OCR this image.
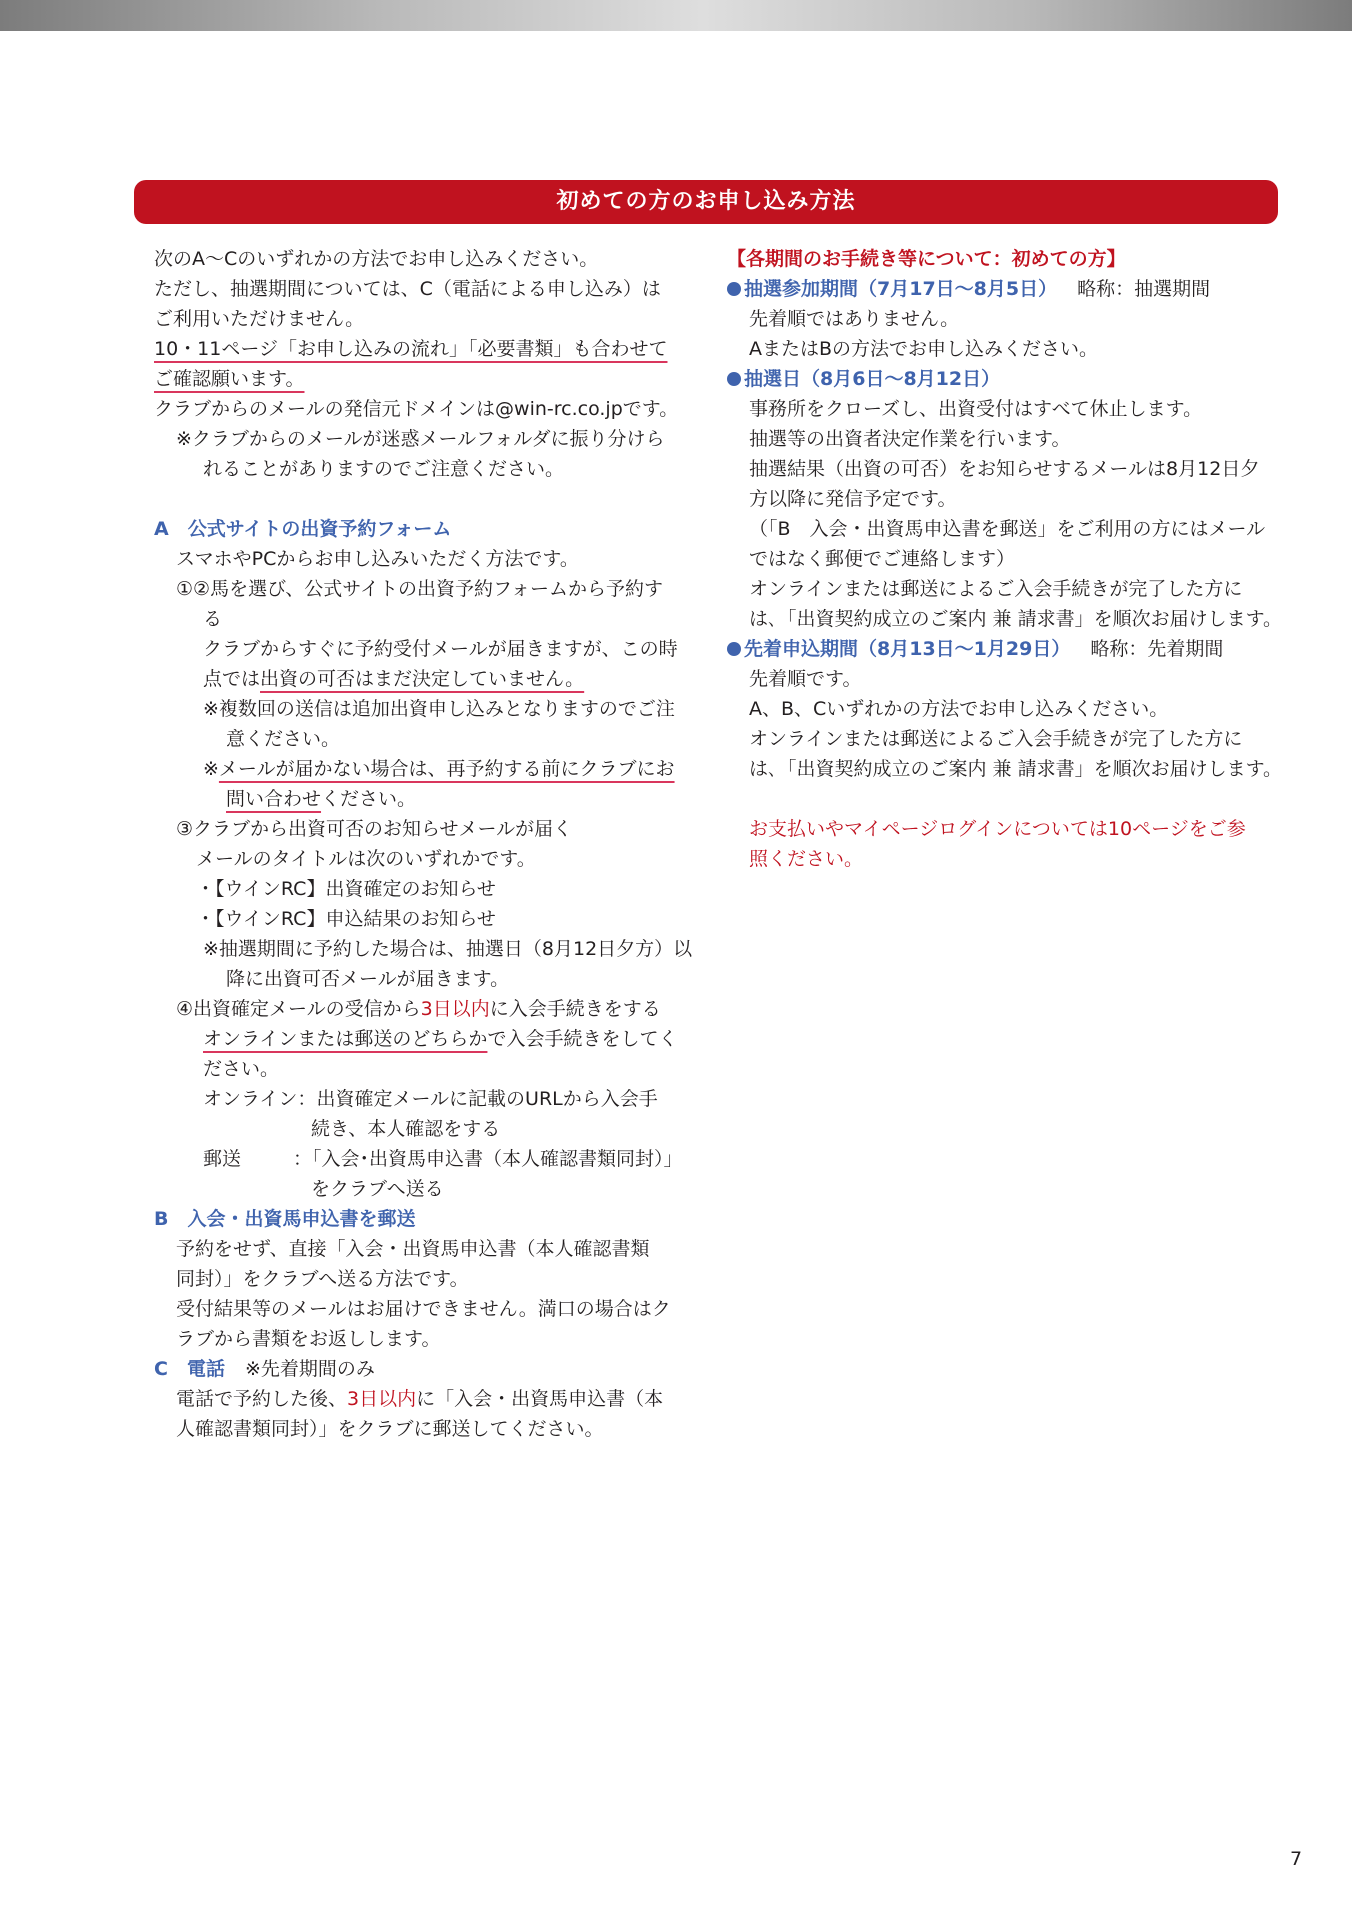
初めての方のお申し込み方法
次のA～Cのいずれかの方法でお申し込みください。
ただし、抽選期間については、C（電話による申し込み）は
ご利用いただけません。
10・11ページ「お申し込みの流れ」「必要書類」も合わせて
ご確認願います。
クラブからのメールの発信元ドメインは@win-rc.co.jpです。
※クラブからのメールが迷惑メールフォルダに振り分けら
れることがありますのでご注意ください。
A　公式サイトの出資予約フォーム
スマホやPCからお申し込みいただく方法です。
①②馬を選び、公式サイトの出資予約フォームから予約す
る
クラブからすぐに予約受付メールが届きますが、この時
点では出資の可否はまだ決定していません。
※複数回の送信は追加出資申し込みとなりますのでご注
意ください。
※メールが届かない場合は、再予約する前にクラブにお
問い合わせください。
③クラブから出資可否のお知らせメールが届く
メールのタイトルは次のいずれかです。
・【ウインRC】出資確定のお知らせ
・【ウインRC】申込結果のお知らせ
※抽選期間に予約した場合は、抽選日（8月12日夕方）以
降に出資可否メールが届きます。
④出資確定メールの受信から3日以内に入会手続きをする
オンラインまたは郵送のどちらかで入会手続きをしてく
ださい。
オンライン：出資確定メールに記載のURLから入会手
続き、本人確認をする
郵送	：「入会･出資馬申込書（本人確認書類同封）」
をクラブへ送る
B　入会・出資馬申込書を郵送
予約をせず、直接「入会・出資馬申込書（本人確認書類
同封）」をクラブへ送る方法です。
受付結果等のメールはお届けできません。満口の場合はク
ラブから書類をお返しします。
C　電話 ※先着期間のみ
電話で予約した後、3日以内に「入会・出資馬申込書（本
人確認書類同封）」をクラブに郵送してください。
【各期間のお手続き等について：初めての方】
抽選参加期間（7月17日～8月5日） 略称：抽選期間
先着順ではありません。
AまたはBの方法でお申し込みください。
抽選日（8月6日～8月12日）
事務所をクローズし、出資受付はすべて休止します。
抽選等の出資者決定作業を行います。
抽選結果（出資の可否）をお知らせするメールは8月12日夕
方以降に発信予定です。
（「B　入会・出資馬申込書を郵送」をご利用の方にはメール
ではなく郵便でご連絡します）
オンラインまたは郵送によるご入会手続きが完了した方に
は､「出資契約成立のご案内 兼 請求書」を順次お届けします。
先着申込期間（8月13日～1月29日） 略称：先着期間
先着順です。
A、B、Cいずれかの方法でお申し込みください。
オンラインまたは郵送によるご入会手続きが完了した方に
は､「出資契約成立のご案内 兼 請求書」を順次お届けします。
お支払いやマイページログインについては10ページをご参
照ください。
7
